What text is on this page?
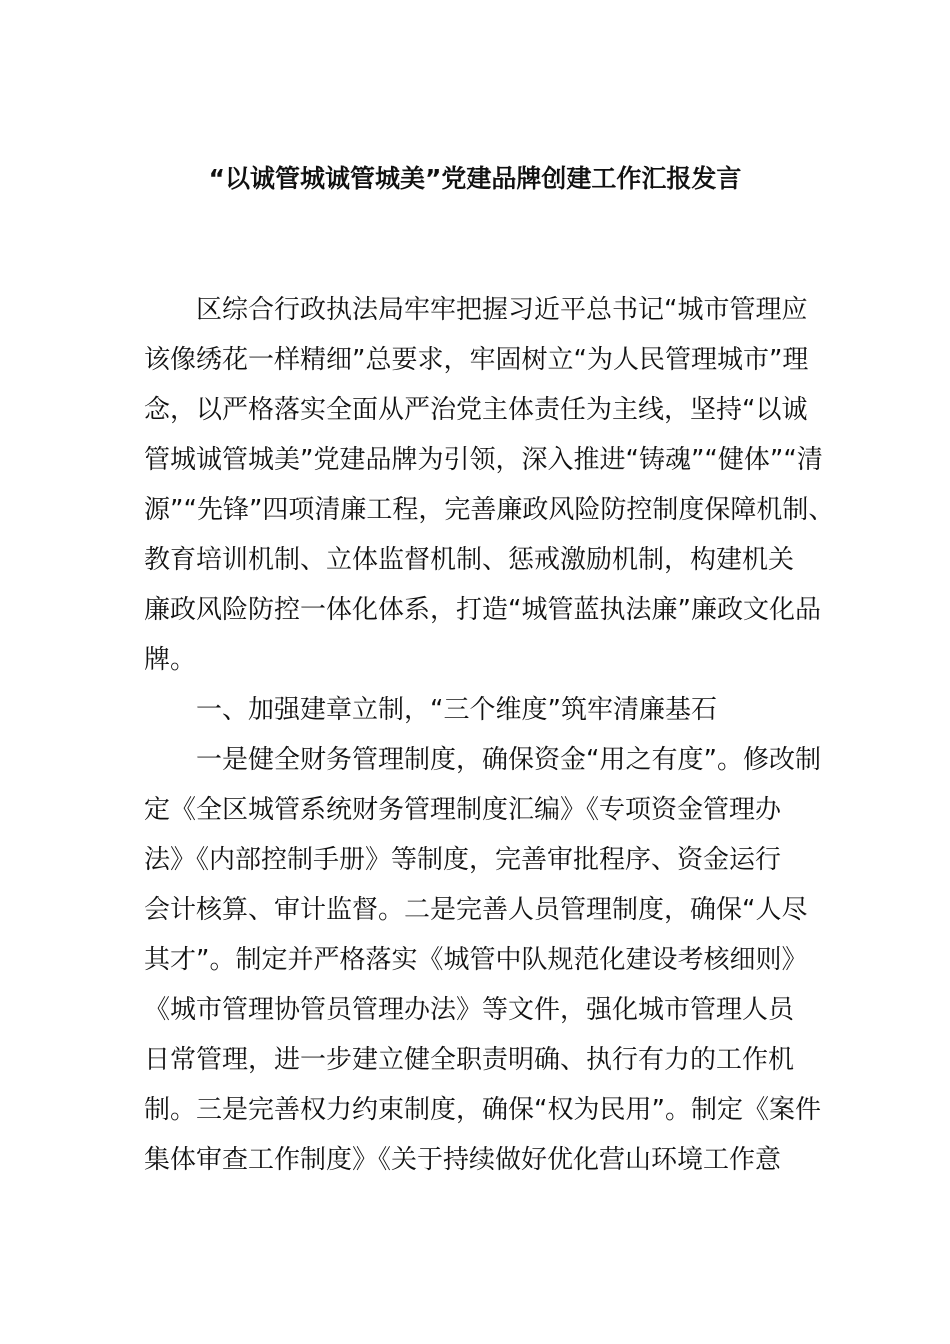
“以诚管城诚管城美”党建品牌创建工作汇报发言
区综合行政执法局牢牢把握习近平总书记“城市管理应
该像绣花一样精细”总要求，牢固树立“为人民管理城市”理
念，以严格落实全面从严治党主体责任为主线，坚持“以诚
管城诚管城美”党建品牌为引领，深入推进“铸魂”“健体”“清
源”“先锋”四项清廉工程，完善廉政风险防控制度保障机制、
教育培训机制、立体监督机制、惩戒激励机制，构建机关
廉政风险防控一体化体系，打造“城管蓝执法廉”廉政文化品
牌。
一、加强建章立制，“三个维度”筑牢清廉基石
一是健全财务管理制度，确保资金“用之有度”。修改制
定《全区城管系统财务管理制度汇编》《专项资金管理办
法》《内部控制手册》等制度，完善审批程序、资金运行
会计核算、审计监督。二是完善人员管理制度，确保“人尽
其才”。制定并严格落实《城管中队规范化建设考核细则》
《城市管理协管员管理办法》等文件，强化城市管理人员
日常管理，进一步建立健全职责明确、执行有力的工作机
制。三是完善权力约束制度，确保“权为民用”。制定《案件
集体审查工作制度》《关于持续做好优化营山环境工作意
